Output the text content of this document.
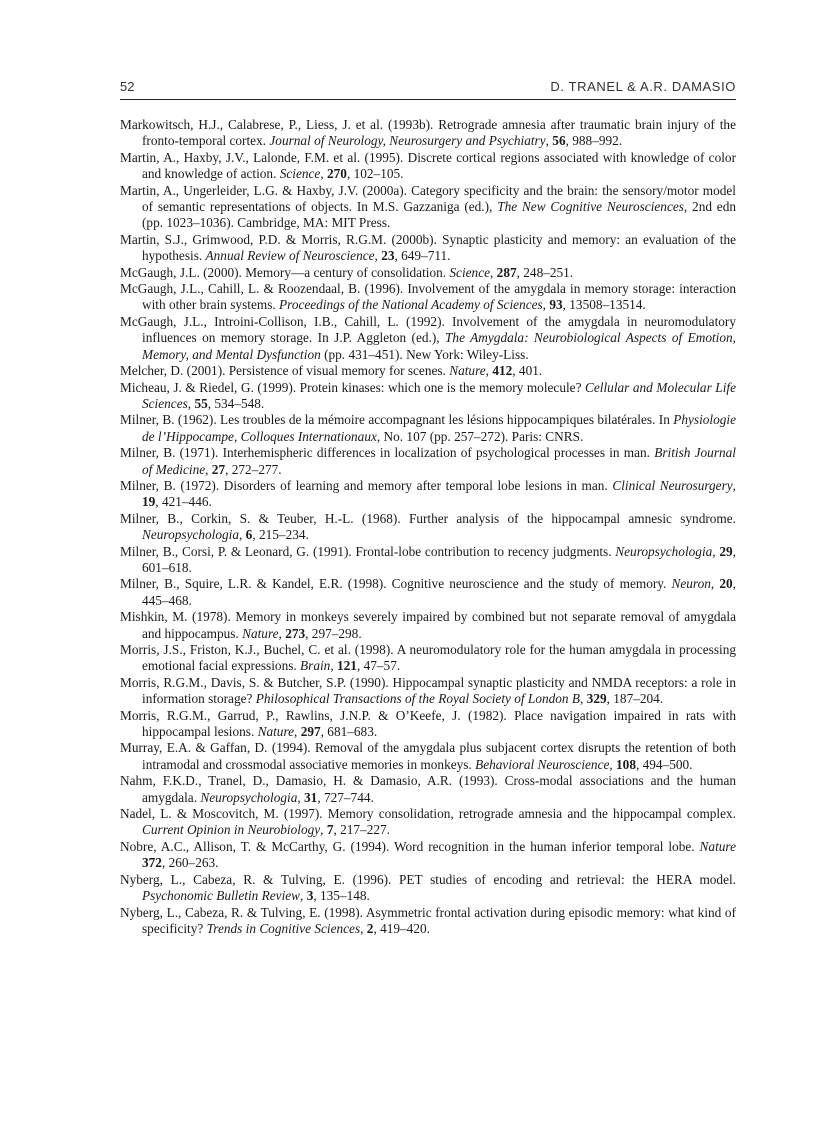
52	D. TRANEL & A.R. DAMASIO

Markowitsch, H.J., Calabrese, P., Liess, J. et al. (1993b). Retrograde amnesia after traumatic brain injury of the fronto-temporal cortex. Journal of Neurology, Neurosurgery and Psychiatry, 56, 988–992.

Martin, A., Haxby, J.V., Lalonde, F.M. et al. (1995). Discrete cortical regions associated with knowledge of color and knowledge of action. Science, 270, 102–105.

Martin, A., Ungerleider, L.G. & Haxby, J.V. (2000a). Category specificity and the brain: the sensory/motor model of semantic representations of objects. In M.S. Gazzaniga (ed.), The New Cognitive Neurosciences, 2nd edn (pp. 1023–1036). Cambridge, MA: MIT Press.

Martin, S.J., Grimwood, P.D. & Morris, R.G.M. (2000b). Synaptic plasticity and memory: an evaluation of the hypothesis. Annual Review of Neuroscience, 23, 649–711.

McGaugh, J.L. (2000). Memory—a century of consolidation. Science, 287, 248–251.

McGaugh, J.L., Cahill, L. & Roozendaal, B. (1996). Involvement of the amygdala in memory storage: interaction with other brain systems. Proceedings of the National Academy of Sciences, 93, 13508–13514.

McGaugh, J.L., Introini-Collison, I.B., Cahill, L. (1992). Involvement of the amygdala in neuromodulatory influences on memory storage. In J.P. Aggleton (ed.), The Amygdala: Neurobiological Aspects of Emotion, Memory, and Mental Dysfunction (pp. 431–451). New York: Wiley-Liss.

Melcher, D. (2001). Persistence of visual memory for scenes. Nature, 412, 401.

Micheau, J. & Riedel, G. (1999). Protein kinases: which one is the memory molecule? Cellular and Molecular Life Sciences, 55, 534–548.

Milner, B. (1962). Les troubles de la mémoire accompagnant les lésions hippocampiques bilatérales. In Physiologie de l’Hippocampe, Colloques Internationaux, No. 107 (pp. 257–272). Paris: CNRS.

Milner, B. (1971). Interhemispheric differences in localization of psychological processes in man. British Journal of Medicine, 27, 272–277.

Milner, B. (1972). Disorders of learning and memory after temporal lobe lesions in man. Clinical Neurosurgery, 19, 421–446.

Milner, B., Corkin, S. & Teuber, H.-L. (1968). Further analysis of the hippocampal amnesic syndrome. Neuropsychologia, 6, 215–234.

Milner, B., Corsi, P. & Leonard, G. (1991). Frontal-lobe contribution to recency judgments. Neuropsychologia, 29, 601–618.

Milner, B., Squire, L.R. & Kandel, E.R. (1998). Cognitive neuroscience and the study of memory. Neuron, 20, 445–468.

Mishkin, M. (1978). Memory in monkeys severely impaired by combined but not separate removal of amygdala and hippocampus. Nature, 273, 297–298.

Morris, J.S., Friston, K.J., Buchel, C. et al. (1998). A neuromodulatory role for the human amygdala in processing emotional facial expressions. Brain, 121, 47–57.

Morris, R.G.M., Davis, S. & Butcher, S.P. (1990). Hippocampal synaptic plasticity and NMDA receptors: a role in information storage? Philosophical Transactions of the Royal Society of London B, 329, 187–204.

Morris, R.G.M., Garrud, P., Rawlins, J.N.P. & O’Keefe, J. (1982). Place navigation impaired in rats with hippocampal lesions. Nature, 297, 681–683.

Murray, E.A. & Gaffan, D. (1994). Removal of the amygdala plus subjacent cortex disrupts the retention of both intramodal and crossmodal associative memories in monkeys. Behavioral Neuroscience, 108, 494–500.

Nahm, F.K.D., Tranel, D., Damasio, H. & Damasio, A.R. (1993). Cross-modal associations and the human amygdala. Neuropsychologia, 31, 727–744.

Nadel, L. & Moscovitch, M. (1997). Memory consolidation, retrograde amnesia and the hippocampal complex. Current Opinion in Neurobiology, 7, 217–227.

Nobre, A.C., Allison, T. & McCarthy, G. (1994). Word recognition in the human inferior temporal lobe. Nature 372, 260–263.

Nyberg, L., Cabeza, R. & Tulving, E. (1996). PET studies of encoding and retrieval: the HERA model. Psychonomic Bulletin Review, 3, 135–148.

Nyberg, L., Cabeza, R. & Tulving, E. (1998). Asymmetric frontal activation during episodic memory: what kind of specificity? Trends in Cognitive Sciences, 2, 419–420.
